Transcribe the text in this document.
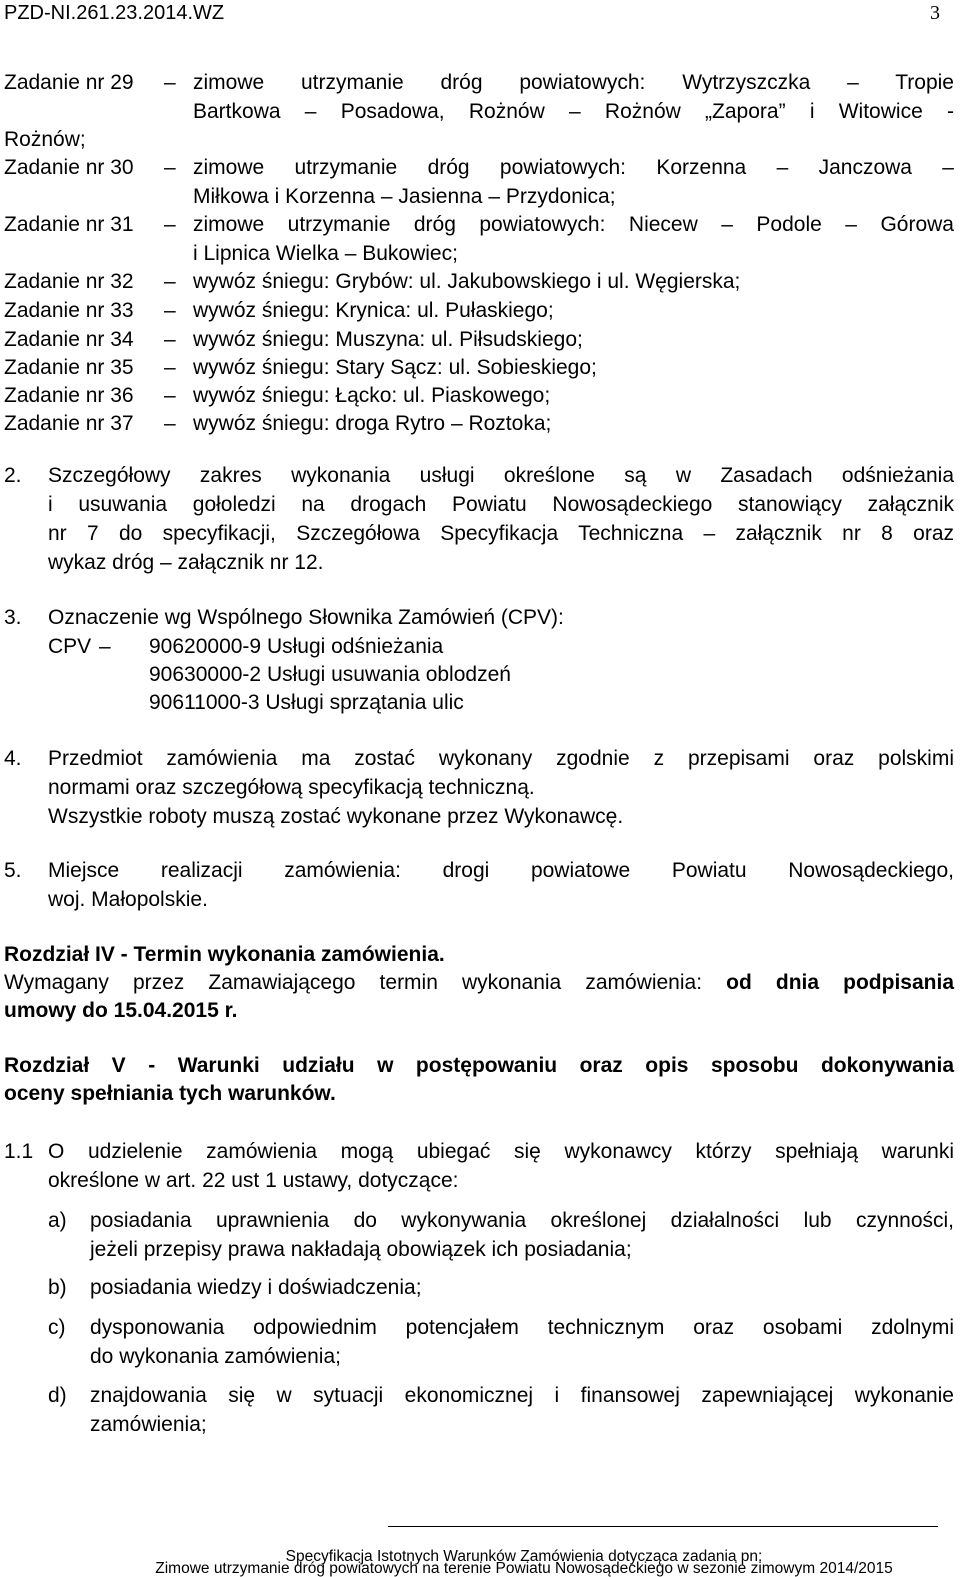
PZD-NI.261.23.2014.WZ	3
Zadanie nr 29 – zimowe utrzymanie dróg powiatowych: Wytrzyszczka – Tropie
Bartkowa – Posadowa, Rożnów – Rożnów „Zapora” i Witowice -
Rożnów;
Zadanie nr 30 – zimowe utrzymanie dróg powiatowych: Korzenna – Janczowa –
Miłkowa i Korzenna – Jasienna – Przydonica;
Zadanie nr 31 – zimowe utrzymanie dróg powiatowych: Niecew – Podole – Górowa
i Lipnica Wielka – Bukowiec;
Zadanie nr 32 – wywóz śniegu: Grybów: ul. Jakubowskiego i ul. Węgierska;
Zadanie nr 33 – wywóz śniegu: Krynica: ul. Pułaskiego;
Zadanie nr 34 – wywóz śniegu: Muszyna: ul. Piłsudskiego;
Zadanie nr 35 – wywóz śniegu: Stary Sącz: ul. Sobieskiego;
Zadanie nr 36 – wywóz śniegu: Łącko: ul. Piaskowego;
Zadanie nr 37 – wywóz śniegu: droga Rytro – Roztoka;
2. Szczegółowy zakres wykonania usługi określone są w Zasadach odśnieżania
i usuwania gołoledzi na drogach Powiatu Nowosądeckiego stanowiący załącznik
nr 7 do specyfikacji, Szczegółowa Specyfikacja Techniczna – załącznik nr 8 oraz
wykaz dróg – załącznik nr 12.
3. Oznaczenie wg Wspólnego Słownika Zamówień (CPV):
CPV – 90620000-9 Usługi odśnieżania
90630000-2 Usługi usuwania oblodzeń
90611000-3 Usługi sprzątania ulic
4. Przedmiot zamówienia ma zostać wykonany zgodnie z przepisami oraz polskimi
normami oraz szczegółową specyfikacją techniczną.
Wszystkie roboty muszą zostać wykonane przez Wykonawcę.
5. Miejsce realizacji zamówienia: drogi powiatowe Powiatu Nowosądeckiego,
woj. Małopolskie.
Rozdział IV - Termin wykonania zamówienia.
Wymagany przez Zamawiającego termin wykonania zamówienia: od dnia podpisania
umowy do 15.04.2015 r.
Rozdział V - Warunki udziału w postępowaniu oraz opis sposobu dokonywania
oceny spełniania tych warunków.
1.1 O udzielenie zamówienia mogą ubiegać się wykonawcy którzy spełniają warunki
określone w art. 22 ust 1 ustawy, dotyczące:
a) posiadania uprawnienia do wykonywania określonej działalności lub czynności,
jeżeli przepisy prawa nakładają obowiązek ich posiadania;
b) posiadania wiedzy i doświadczenia;
c) dysponowania odpowiednim potencjałem technicznym oraz osobami zdolnymi
do wykonania zamówienia;
d) znajdowania się w sytuacji ekonomicznej i finansowej zapewniającej wykonanie
zamówienia;
Specyfikacja Istotnych Warunków Zamówienia dotycząca zadania pn:
Zimowe utrzymanie dróg powiatowych na terenie Powiatu Nowosądeckiego w sezonie zimowym 2014/2015
